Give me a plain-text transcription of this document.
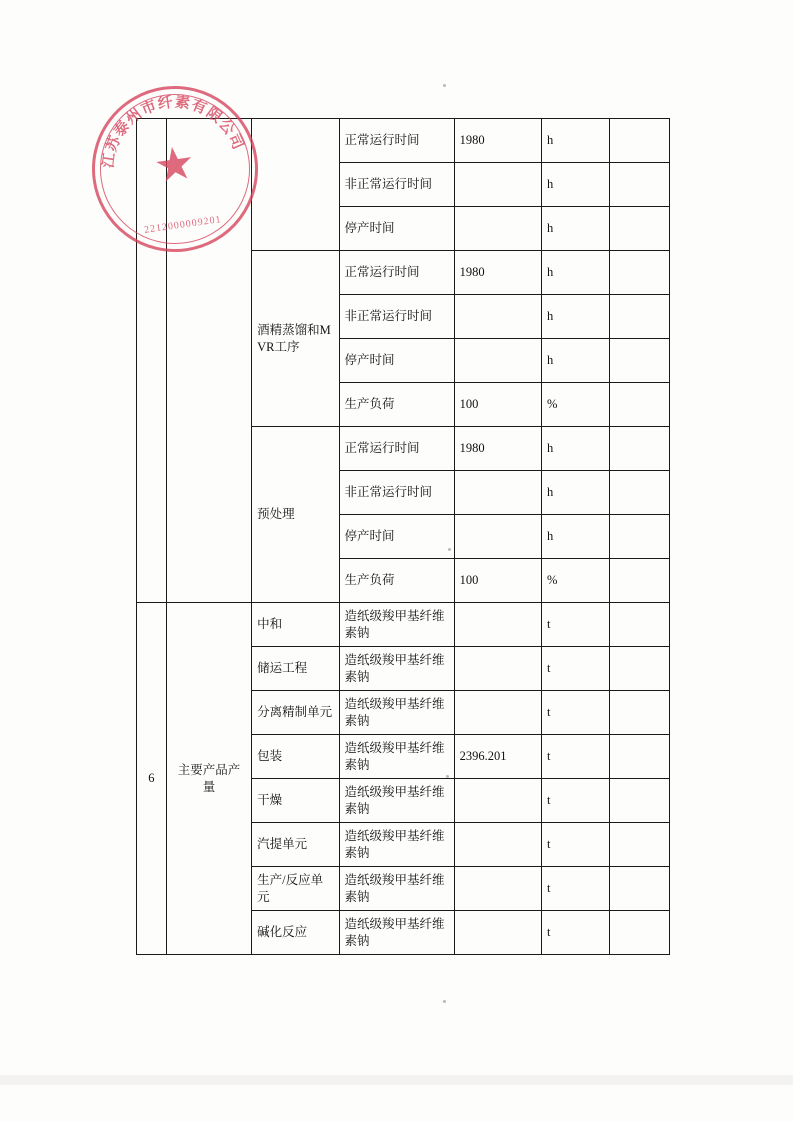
江苏泰州市纤素有限公司
★
2212000009201
			正常运行时间	1980	h	
			非正常运行时间		h	
			停产时间		h	
		酒精蒸馏和MVR工序	正常运行时间	1980	h	
			非正常运行时间		h	
			停产时间		h	
			生产负荷	100	%	
		预处理	正常运行时间	1980	h	
			非正常运行时间		h	
			停产时间		h	
			生产负荷	100	%	
6	主要产品产量	中和	造纸级羧甲基纤维素钠		t	
		储运工程	造纸级羧甲基纤维素钠		t	
		分离精制单元	造纸级羧甲基纤维素钠		t	
		包装	造纸级羧甲基纤维素钠	2396.201	t	
		干燥	造纸级羧甲基纤维素钠		t	
		汽提单元	造纸级羧甲基纤维素钠		t	
		生产/反应单元	造纸级羧甲基纤维素钠		t	
		碱化反应	造纸级羧甲基纤维素钠		t	
